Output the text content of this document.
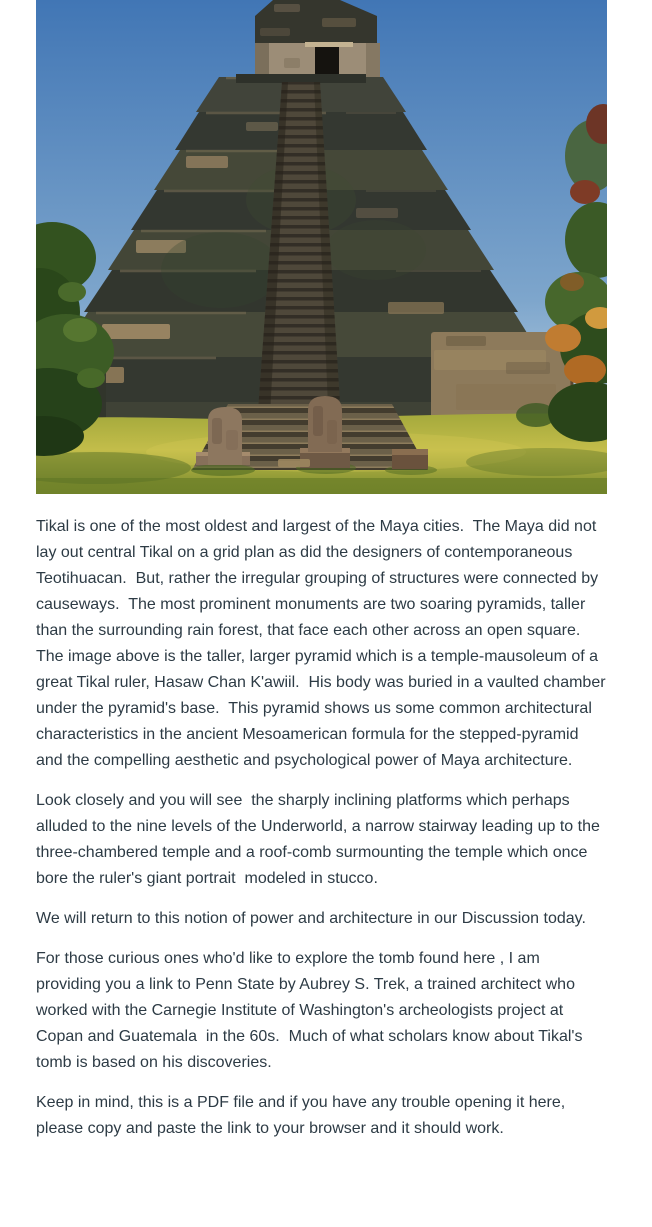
Tikal is one of the most oldest and largest of the Maya cities.  The Maya did not lay out central Tikal on a grid plan as did the designers of contemporaneous Teotihuacan.  But, rather the irregular grouping of structures were connected by causeways.  The most prominent monuments are two soaring pyramids, taller than the surrounding rain forest, that face each other across an open square.  The image above is the taller, larger pyramid which is a temple-mausoleum of a great Tikal ruler, Hasaw Chan K'awiil.  His body was buried in a vaulted chamber under the pyramid's base.  This pyramid shows us some common architectural characteristics in the ancient Mesoamerican formula for the stepped-pyramid and the compelling aesthetic and psychological power of Maya architecture.

Look closely and you will see  the sharply inclining platforms which perhaps alluded to the nine levels of the Underworld, a narrow stairway leading up to the three-chambered temple and a roof-comb surmounting the temple which once bore the ruler's giant portrait  modeled in stucco.

We will return to this notion of power and architecture in our Discussion today.

For those curious ones who'd like to explore the tomb found here , I am providing you a link to Penn State by Aubrey S. Trek, a trained architect who worked with the Carnegie Institute of Washington's archeologists project at Copan and Guatemala  in the 60s.  Much of what scholars know about Tikal's tomb is based on his discoveries.

Keep in mind, this is a PDF file and if you have any trouble opening it here, please copy and paste the link to your browser and it should work.
